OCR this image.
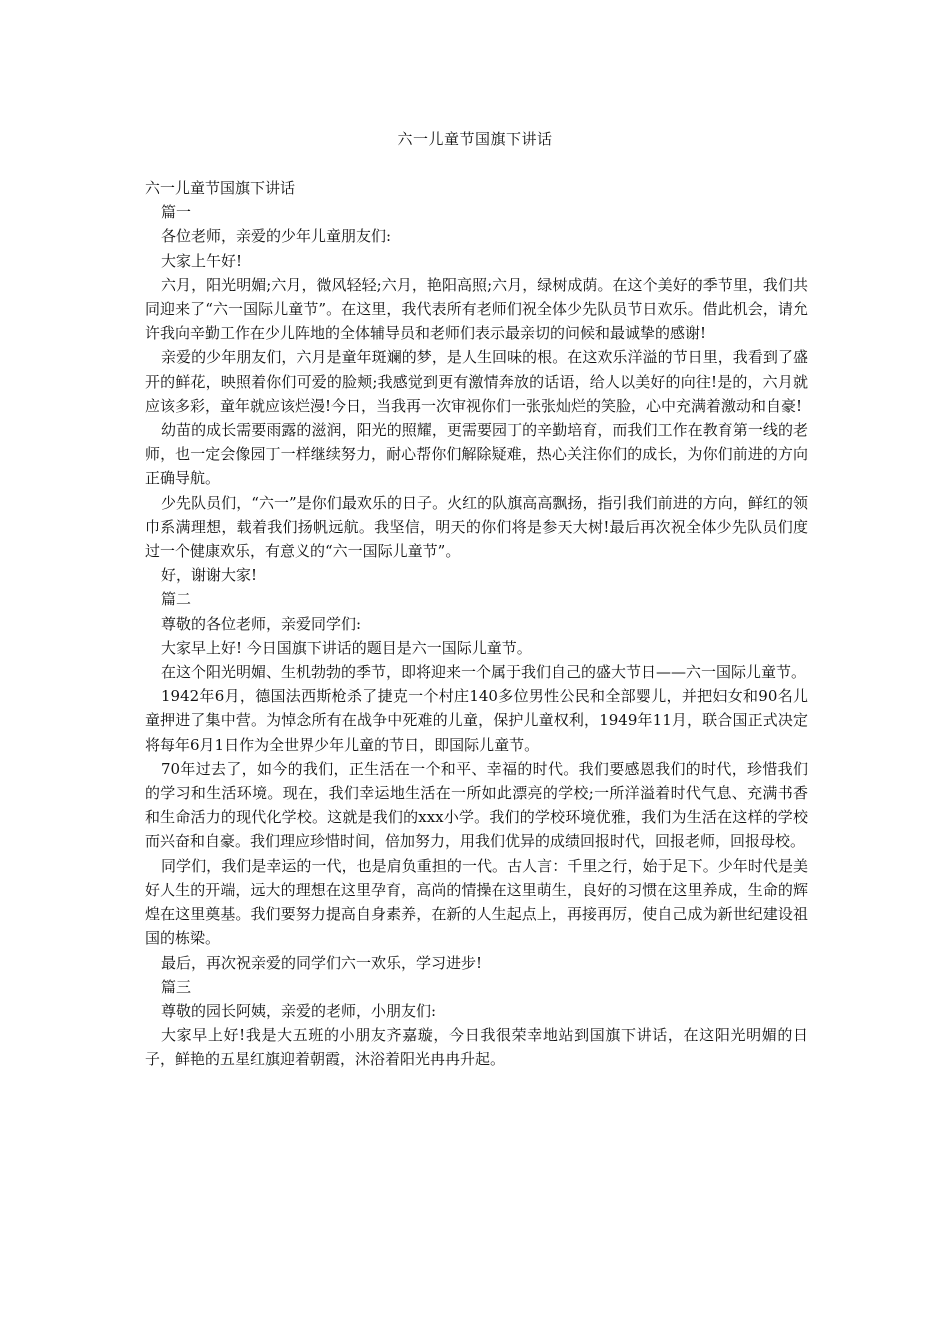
六一儿童节国旗下讲话

六一儿童节国旗下讲话

篇一

各位老师，亲爱的少年儿童朋友们:

大家上午好!

六月，阳光明媚;六月，微风轻轻;六月，艳阳高照;六月，绿树成荫。在这个美好的季节里，我们共同迎来了“六一国际儿童节”。在这里，我代表所有老师们祝全体少先队员节日欢乐。借此机会，请允许我向辛勤工作在少儿阵地的全体辅导员和老师们表示最亲切的问候和最诚挚的感谢!

亲爱的少年朋友们，六月是童年斑斓的梦，是人生回味的根。在这欢乐洋溢的节日里，我看到了盛开的鲜花，映照着你们可爱的脸颊;我感觉到更有激情奔放的话语，给人以美好的向往!是的，六月就应该多彩，童年就应该烂漫!今日，当我再一次审视你们一张张灿烂的笑脸，心中充满着激动和自豪!

幼苗的成长需要雨露的滋润，阳光的照耀，更需要园丁的辛勤培育，而我们工作在教育第一线的老师，也一定会像园丁一样继续努力，耐心帮你们解除疑难，热心关注你们的成长，为你们前进的方向正确导航。

少先队员们，“六一”是你们最欢乐的日子。火红的队旗高高飘扬，指引我们前进的方向，鲜红的领巾系满理想，载着我们扬帆远航。我坚信，明天的你们将是参天大树!最后再次祝全体少先队员们度过一个健康欢乐，有意义的“六一国际儿童节”。

好，谢谢大家!

篇二

尊敬的各位老师，亲爱同学们:

大家早上好! 今日国旗下讲话的题目是六一国际儿童节。

在这个阳光明媚、生机勃勃的季节，即将迎来一个属于我们自己的盛大节日——六一国际儿童节。

1942年6月，德国法西斯枪杀了捷克一个村庄140多位男性公民和全部婴儿，并把妇女和90名儿童押进了集中营。为悼念所有在战争中死难的儿童，保护儿童权利，1949年11月，联合国正式决定将每年6月1日作为全世界少年儿童的节日，即国际儿童节。

70年过去了，如今的我们，正生活在一个和平、幸福的时代。我们要感恩我们的时代，珍惜我们的学习和生活环境。现在，我们幸运地生活在一所如此漂亮的学校;一所洋溢着时代气息、充满书香和生命活力的现代化学校。这就是我们的xxx小学。我们的学校环境优雅，我们为生活在这样的学校而兴奋和自豪。我们理应珍惜时间，倍加努力，用我们优异的成绩回报时代，回报老师，回报母校。

同学们，我们是幸运的一代，也是肩负重担的一代。古人言：千里之行，始于足下。少年时代是美好人生的开端，远大的理想在这里孕育，高尚的情操在这里萌生，良好的习惯在这里养成，生命的辉煌在这里奠基。我们要努力提高自身素养，在新的人生起点上，再接再厉，使自己成为新世纪建设祖国的栋梁。

最后，再次祝亲爱的同学们六一欢乐，学习进步!

篇三

尊敬的园长阿姨，亲爱的老师，小朋友们:

大家早上好!我是大五班的小朋友齐嘉璇，今日我很荣幸地站到国旗下讲话，在这阳光明媚的日子，鲜艳的五星红旗迎着朝霞，沐浴着阳光冉冉升起。
